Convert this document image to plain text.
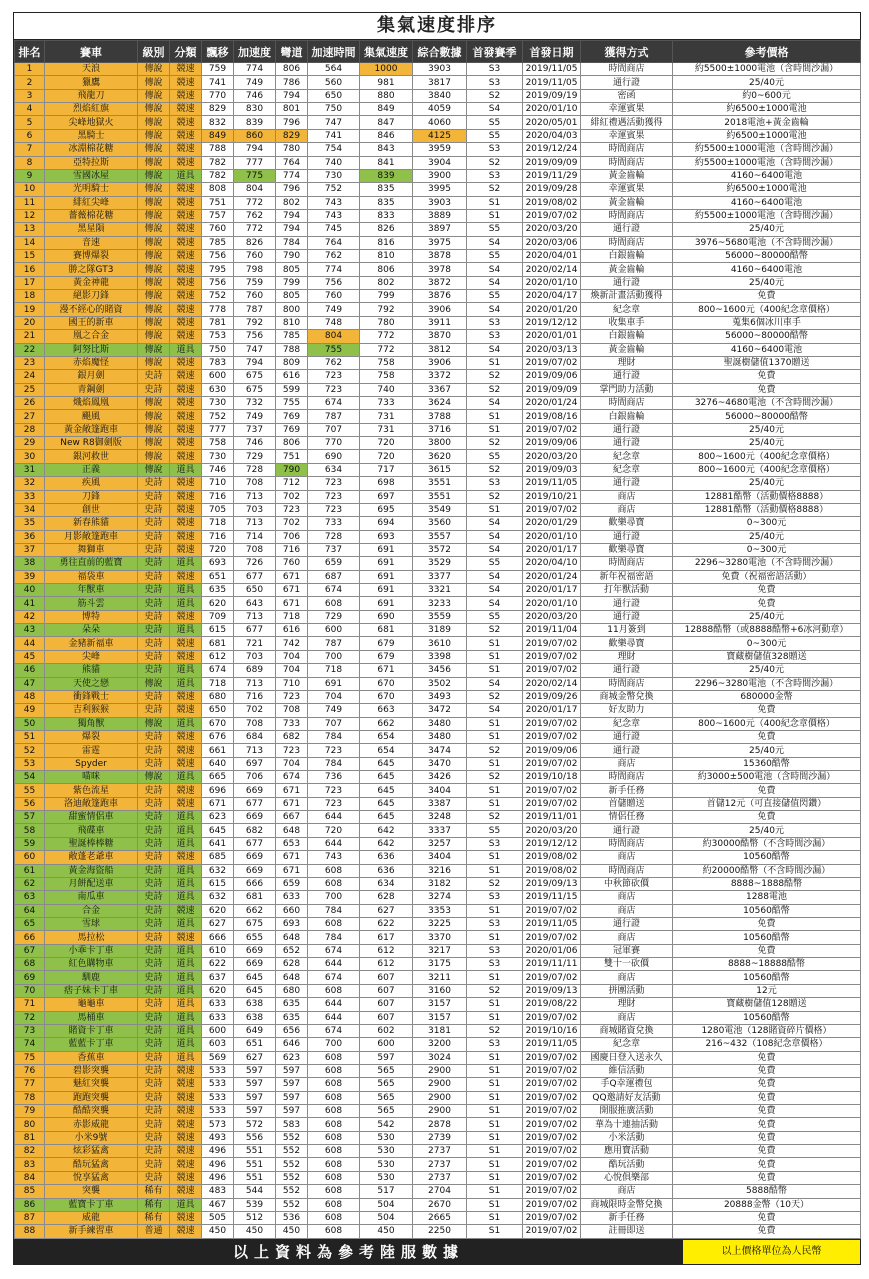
集氣速度排序
排名	賽車	級別	分類	飄移	加速度	彎道	加速時間	集氣速度	綜合數據	首發賽季	首發日期	獲得方式	參考價格
1	天浪	傳說	競速	759	774	806	564	1000	3903	S3	2019/11/05	時間商店	約5500±1000電池（含時間沙漏）
2	獵鷹	傳說	競速	741	749	786	560	981	3817	S3	2019/11/05	通行證	25/40元
3	飛龍刀	傳說	競速	770	746	794	650	880	3840	S2	2019/09/19	密函	約0~600元
4	烈焰紅旗	傳說	競速	829	830	801	750	849	4059	S4	2020/01/10	幸運賓果	約6500±1000電池
5	尖峰地獄火	傳說	競速	832	839	796	747	847	4060	S5	2020/05/01	緋紅禮遇活動獲得	2018電池+黃金齒輪
6	黑騎士	傳說	競速	849	860	829	741	846	4125	S5	2020/04/03	幸運賓果	約6500±1000電池
7	冰淵棉花糖	傳說	競速	788	794	780	754	843	3959	S3	2019/12/24	時間商店	約5500±1000電池（含時間沙漏）
8	亞特拉斯	傳說	競速	782	777	764	740	841	3904	S2	2019/09/09	時間商店	約5500±1000電池（含時間沙漏）
9	雪國冰屋	傳說	道具	782	775	774	730	839	3900	S3	2019/11/29	黃金齒輪	4160~6400電池
10	光明騎士	傳說	競速	808	804	796	752	835	3995	S2	2019/09/28	幸運賓果	約6500±1000電池
11	緋紅尖峰	傳說	競速	751	772	802	743	835	3903	S1	2019/08/02	黃金齒輪	4160~6400電池
12	薔薇棉花糖	傳說	競速	757	762	794	743	833	3889	S1	2019/07/02	時間商店	約5500±1000電池（含時間沙漏）
13	黑星隕	傳說	競速	760	772	794	745	826	3897	S5	2020/03/20	通行證	25/40元
14	音速	傳說	競速	785	826	784	764	816	3975	S4	2020/03/06	時間商店	3976~5680電池（不含時間沙漏）
15	賽博爆裂	傳說	競速	756	760	790	762	810	3878	S5	2020/04/01	白銀齒輪	56000~80000酷幣
16	勝之隊GT3	傳說	競速	795	798	805	774	806	3978	S4	2020/02/14	黃金齒輪	4160~6400電池
17	黃金神龍	傳說	競速	756	759	799	756	802	3872	S4	2020/01/10	通行證	25/40元
18	絕影刀鋒	傳說	競速	752	760	805	760	799	3876	S5	2020/04/17	煥新計畫活動獲得	免費
19	漫不經心的賭資	傳說	競速	778	787	800	749	792	3906	S4	2020/01/20	紀念章	800~1600元（400紀念章價格）
20	國王的新車	傳說	競速	781	792	810	748	780	3911	S3	2019/12/12	收集車手	蒐集6個冰川車手
21	凰之合金	傳說	競速	753	756	785	804	772	3870	S3	2020/01/01	白銀齒輪	56000~80000酷幣
22	阿努比斯	傳說	道具	750	747	788	755	772	3812	S4	2020/03/13	黃金齒輪	4160~6400電池
23	赤焰魔怪	傳說	競速	783	794	809	762	758	3906	S1	2019/07/02	理財	聖誕樹儲值1370贈送
24	銀月劍	史詩	競速	600	675	616	723	758	3372	S2	2019/09/06	通行證	免費
25	青鋼劍	史詩	競速	630	675	599	723	740	3367	S2	2019/09/09	掌門助力活動	免費
26	熾焰鳳凰	傳說	競速	730	732	755	674	733	3624	S4	2020/01/24	時間商店	3276~4680電池（不含時間沙漏）
27	颶風	傳說	競速	752	749	769	787	731	3788	S1	2019/08/16	白銀齒輪	56000~80000酷幣
28	黃金敞篷跑車	傳說	競速	777	737	769	707	731	3716	S1	2019/07/02	通行證	25/40元
29	New R8御劍版	傳說	競速	758	746	806	770	720	3800	S2	2019/09/06	通行證	25/40元
30	銀河救世	傳說	競速	730	729	751	690	720	3620	S5	2020/03/20	紀念章	800~1600元（400紀念章價格）
31	正義	傳說	道具	746	728	790	634	717	3615	S2	2019/09/03	紀念章	800~1600元（400紀念章價格）
32	疾風	史詩	競速	710	708	712	723	698	3551	S3	2019/11/05	通行證	25/40元
33	刀鋒	史詩	競速	716	713	702	723	697	3551	S2	2019/10/21	商店	12881酷幣（活動價格8888）
34	創世	史詩	競速	705	703	723	723	695	3549	S1	2019/07/02	商店	12881酷幣（活動價格8888）
35	新春熊貓	史詩	競速	718	713	702	733	694	3560	S4	2020/01/29	歡樂尋寶	0~300元
36	月影敞篷跑車	史詩	競速	716	714	706	728	693	3557	S4	2020/01/10	通行證	25/40元
37	舞獅車	史詩	競速	720	708	716	737	691	3572	S4	2020/01/17	歡樂尋寶	0~300元
38	勇往直前的藍寶	史詩	道具	693	726	760	659	691	3529	S5	2020/04/10	時間商店	2296~3280電池（不含時間沙漏）
39	福袋車	史詩	競速	651	677	671	687	691	3377	S4	2020/01/24	新年祝福密語	免費（祝福密語活動）
40	年獸車	史詩	道具	635	650	671	674	691	3321	S4	2020/01/17	打年獸活動	免費
41	筋斗雲	史詩	道具	620	643	671	608	691	3233	S4	2020/01/10	通行證	免費
42	博特	史詩	競速	709	713	718	729	690	3559	S5	2020/03/20	通行證	25/40元
43	朵朵	史詩	道具	615	677	616	600	681	3189	S2	2019/11/04	11月簽到	12888酷幣（或8888酷幣+6冰河動章）
44	金豬新福車	史詩	競速	681	721	742	787	679	3610	S1	2019/07/02	歡樂尋寶	0~300元
45	尖峰	史詩	競速	612	703	704	700	679	3398	S1	2019/07/02	理財	寶藏樹儲值328贈送
46	熊貓	史詩	道具	674	689	704	718	671	3456	S1	2019/07/02	通行證	25/40元
47	天使之戀	傳說	道具	718	713	710	691	670	3502	S4	2020/02/14	時間商店	2296~3280電池（不含時間沙漏）
48	衝鋒戰士	史詩	競速	680	716	723	704	670	3493	S2	2019/09/26	商城金幣兌換	680000金幣
49	吉利猴猴	史詩	競速	650	702	708	749	663	3472	S4	2020/01/17	好友助力	免費
50	獨角獸	傳說	道具	670	708	733	707	662	3480	S1	2019/07/02	紀念章	800~1600元（400紀念章價格）
51	爆裂	史詩	競速	676	684	682	784	654	3480	S1	2019/07/02	通行證	免費
52	雷霆	史詩	競速	661	713	723	723	654	3474	S2	2019/09/06	通行證	25/40元
53	Spyder	史詩	競速	640	697	704	784	645	3470	S1	2019/07/02	商店	15360酷幣
54	喵咪	傳說	道具	665	706	674	736	645	3426	S2	2019/10/18	時間商店	約3000±500電池（含時間沙漏）
55	紫色流星	史詩	競速	696	669	671	723	645	3404	S1	2019/07/02	新手任務	免費
56	洛迪敞篷跑車	史詩	競速	671	677	671	723	645	3387	S1	2019/07/02	首儲贈送	首儲12元（可直接儲值閃鑽）
57	甜蜜情侶車	史詩	道具	623	669	667	644	645	3248	S2	2019/11/01	情侶任務	免費
58	飛碟車	史詩	道具	645	682	648	720	642	3337	S5	2020/03/20	通行證	25/40元
59	聖誕棒棒糖	史詩	道具	641	677	653	644	642	3257	S3	2019/12/12	時間商店	約30000酷幣（不含時間沙漏）
60	敞蓬老爺車	史詩	競速	685	669	671	743	636	3404	S1	2019/08/02	商店	10560酷幣
61	黃金海盜船	史詩	道具	632	669	671	608	636	3216	S1	2019/08/02	時間商店	約20000酷幣（不含時間沙漏）
62	月餅配送車	史詩	道具	615	666	659	608	634	3182	S2	2019/09/13	中秋節砍價	8888~1888酷幣
63	南瓜車	史詩	道具	632	681	633	700	628	3274	S3	2019/11/15	商店	1288電池
64	合金	史詩	競速	620	662	660	784	627	3353	S1	2019/07/02	商店	10560酷幣
65	雪球	史詩	道具	627	675	693	608	622	3225	S3	2019/11/05	通行證	免費
66	馬拉松	史詩	競速	666	655	648	784	617	3370	S1	2019/07/02	商店	10560酷幣
67	小乖卡丁車	史詩	道具	610	669	652	674	612	3217	S3	2020/01/06	冠軍賽	免費
68	紅色購物車	史詩	道具	622	669	628	644	612	3175	S3	2019/11/11	雙十一砍價	8888~18888酷幣
69	馴鹿	史詩	道具	637	645	648	674	607	3211	S1	2019/07/02	商店	10560酷幣
70	痞子妹卡丁車	史詩	道具	620	645	680	608	607	3160	S2	2019/09/13	拼團活動	12元
71	龜龜車	史詩	道具	633	638	635	644	607	3157	S1	2019/08/22	理財	寶藏樹儲值128贈送
72	馬桶車	史詩	道具	633	638	635	644	607	3157	S1	2019/07/02	商店	10560酷幣
73	賭資卡丁車	史詩	道具	600	649	656	674	602	3181	S2	2019/10/16	商城賭資兌換	1280電池（128賭資碎片價格）
74	藍藍卡丁車	史詩	道具	603	651	646	700	600	3200	S3	2019/11/05	紀念章	216~432（108紀念章價格）
75	香蕉車	史詩	道具	569	627	623	608	597	3024	S1	2019/07/02	國慶日登入送永久	免費
76	碧影突襲	史詩	競速	533	597	597	608	565	2900	S1	2019/07/02	維信活動	免費
77	魅紅突襲	史詩	競速	533	597	597	608	565	2900	S1	2019/07/02	手Q幸運禮包	免費
78	跑跑突襲	史詩	競速	533	597	597	608	565	2900	S1	2019/07/02	QQ邀請好友活動	免費
79	酷酷突襲	史詩	競速	533	597	597	608	565	2900	S1	2019/07/02	開服推廣活動	免費
80	赤影威龍	史詩	競速	573	572	583	608	542	2878	S1	2019/07/02	華為十連抽活動	免費
81	小米9號	史詩	競速	493	556	552	608	530	2739	S1	2019/07/02	小米活動	免費
82	炫彩猛禽	史詩	競速	496	551	552	608	530	2737	S1	2019/07/02	應用寶活動	免費
83	酷玩猛禽	史詩	競速	496	551	552	608	530	2737	S1	2019/07/02	酷玩活動	免費
84	悅享猛禽	史詩	競速	496	551	552	608	530	2737	S1	2019/07/02	心悅俱樂部	免費
85	突襲	稀有	競速	483	544	552	608	517	2704	S1	2019/07/02	商店	5888酷幣
86	藍寶卡丁車	稀有	道具	467	539	552	608	504	2670	S1	2019/07/02	商城限時金幣兌換	20888金幣（10天）
87	威龍	稀有	競速	505	512	536	608	504	2665	S1	2019/07/02	新手任務	免費
88	新手練習車	普通	競速	450	450	450	608	450	2250	S1	2019/07/02	註冊即送	免費
以上資料為參考陸服數據	以上價格單位為人民幣
